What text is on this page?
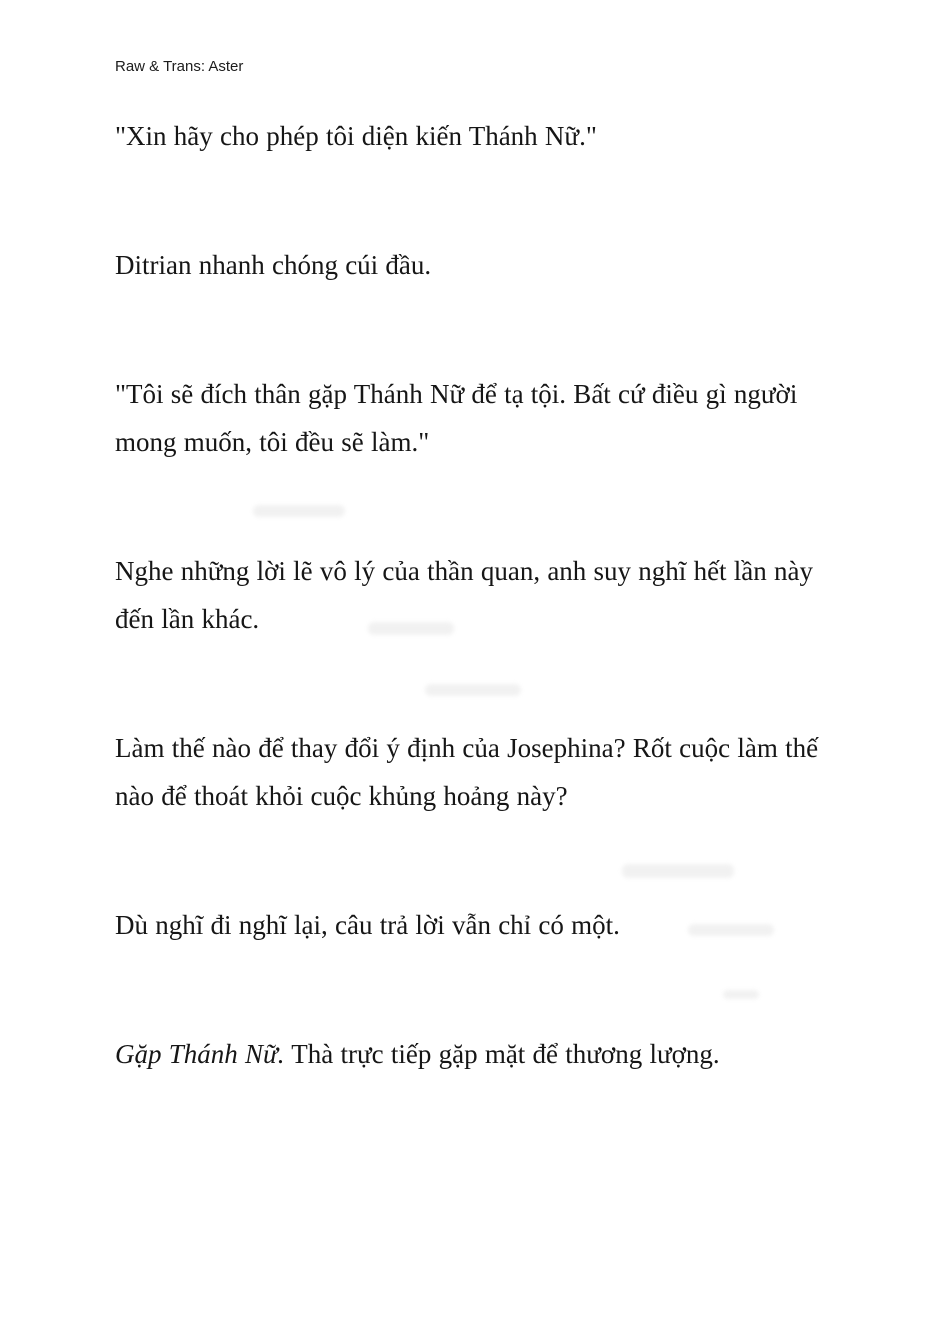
Raw & Trans: Aster

"Xin hãy cho phép tôi diện kiến Thánh Nữ."

Ditrian nhanh chóng cúi đầu.

"Tôi sẽ đích thân gặp Thánh Nữ để tạ tội. Bất cứ điều gì người mong muốn, tôi đều sẽ làm."

Nghe những lời lẽ vô lý của thần quan, anh suy nghĩ hết lần này đến lần khác.

Làm thế nào để thay đổi ý định của Josephina? Rốt cuộc làm thế nào để thoát khỏi cuộc khủng hoảng này?

Dù nghĩ đi nghĩ lại, câu trả lời vẫn chỉ có một.

Gặp Thánh Nữ. Thà trực tiếp gặp mặt để thương lượng.
